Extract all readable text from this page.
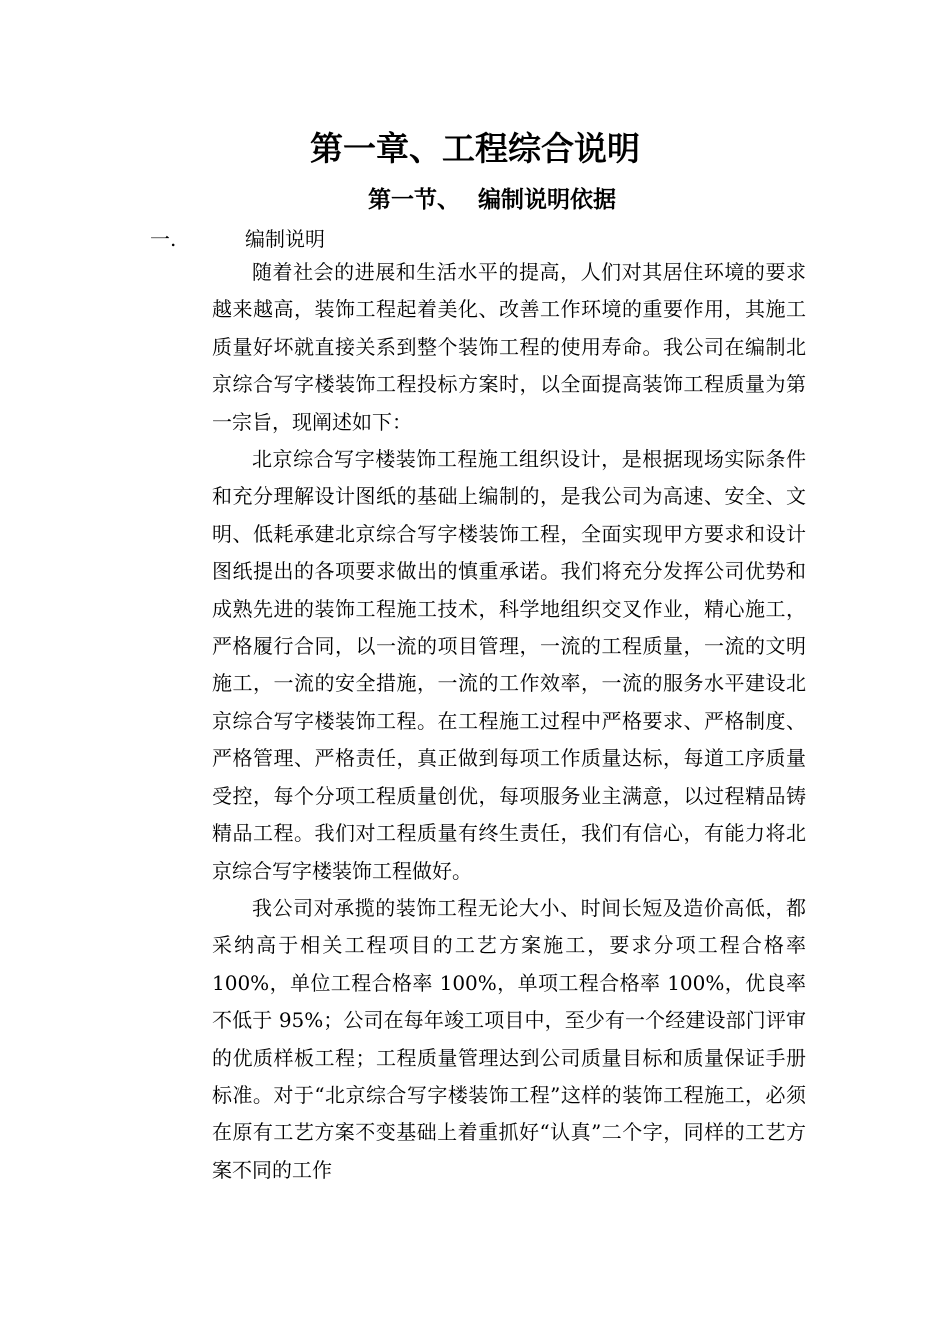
第一章、工程综合说明
第一节、 编制说明依据
一.	编制说明

随着社会的进展和生活水平的提高，人们对其居住环境的要求越来越高，装饰工程起着美化、改善工作环境的重要作用，其施工质量好坏就直接关系到整个装饰工程的使用寿命。我公司在编制北京综合写字楼装饰工程投标方案时，以全面提高装饰工程质量为第一宗旨，现阐述如下：

北京综合写字楼装饰工程施工组织设计，是根据现场实际条件和充分理解设计图纸的基础上编制的，是我公司为高速、安全、文明、低耗承建北京综合写字楼装饰工程，全面实现甲方要求和设计图纸提出的各项要求做出的慎重承诺。我们将充分发挥公司优势和成熟先进的装饰工程施工技术，科学地组织交叉作业，精心施工，严格履行合同，以一流的项目管理，一流的工程质量，一流的文明施工，一流的安全措施，一流的工作效率，一流的服务水平建设北京综合写字楼装饰工程。在工程施工过程中严格要求、严格制度、严格管理、严格责任，真正做到每项工作质量达标，每道工序质量受控，每个分项工程质量创优，每项服务业主满意，以过程精品铸精品工程。我们对工程质量有终生责任，我们有信心，有能力将北京综合写字楼装饰工程做好。

我公司对承揽的装饰工程无论大小、时间长短及造价高低，都采纳高于相关工程项目的工艺方案施工，要求分项工程合格率 100%，单位工程合格率 100%，单项工程合格率 100%，优良率不低于 95%；公司在每年竣工项目中，至少有一个经建设部门评审的优质样板工程；工程质量管理达到公司质量目标和质量保证手册标准。对于“北京综合写字楼装饰工程”这样的装饰工程施工，必须在原有工艺方案不变基础上着重抓好“认真”二个字，同样的工艺方案不同的工作
